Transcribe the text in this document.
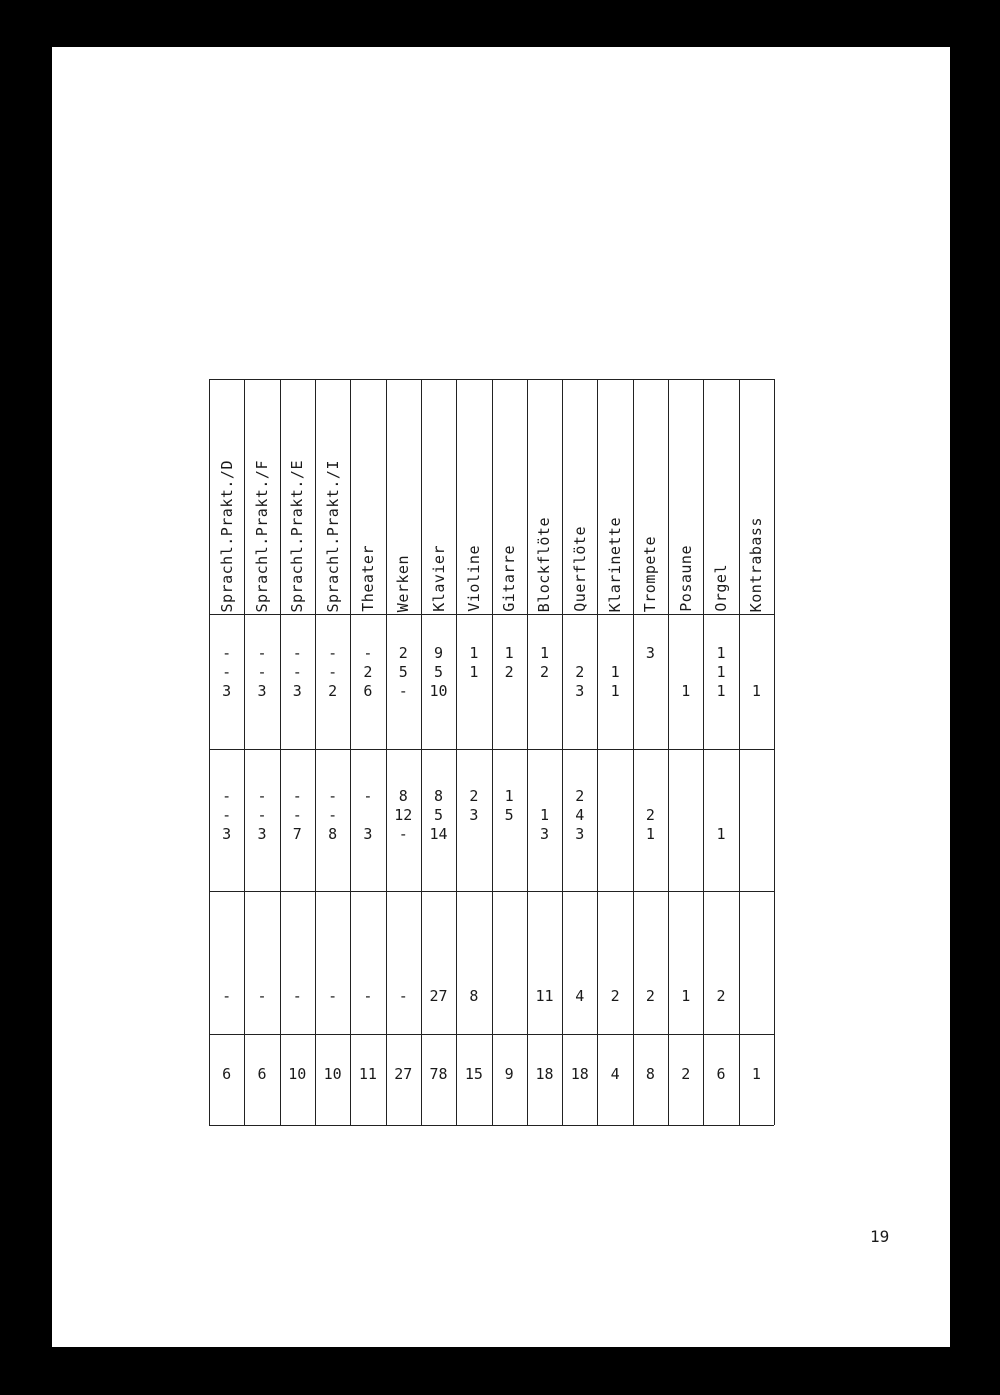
Sprachl.Prakt./D
-
-
3
-
-
3
-
6
Sprachl.Prakt./F
-
-
3
-
-
3
-
6
Sprachl.Prakt./E
-
-
3
-
-
7
-
10
Sprachl.Prakt./I
-
-
2
-
-
8
-
10
Theater
-
2
6
-
3
-
11
Werken
2
5
-
8
12
-
-
27
Klavier
9
5
10
8
5
14
27
78
Violine
1
1
2
3
8
15
Gitarre
1
2
1
5
9
Blockflöte
1
2
1
3
11
18
Querflöte
2
3
2
4
3
4
18
Klarinette
1
1
2
4
Trompete
3
2
1
2
8
Posaune
1
1
2
Orgel
1
1
1
1
2
6
Kontrabass
1
1
19
